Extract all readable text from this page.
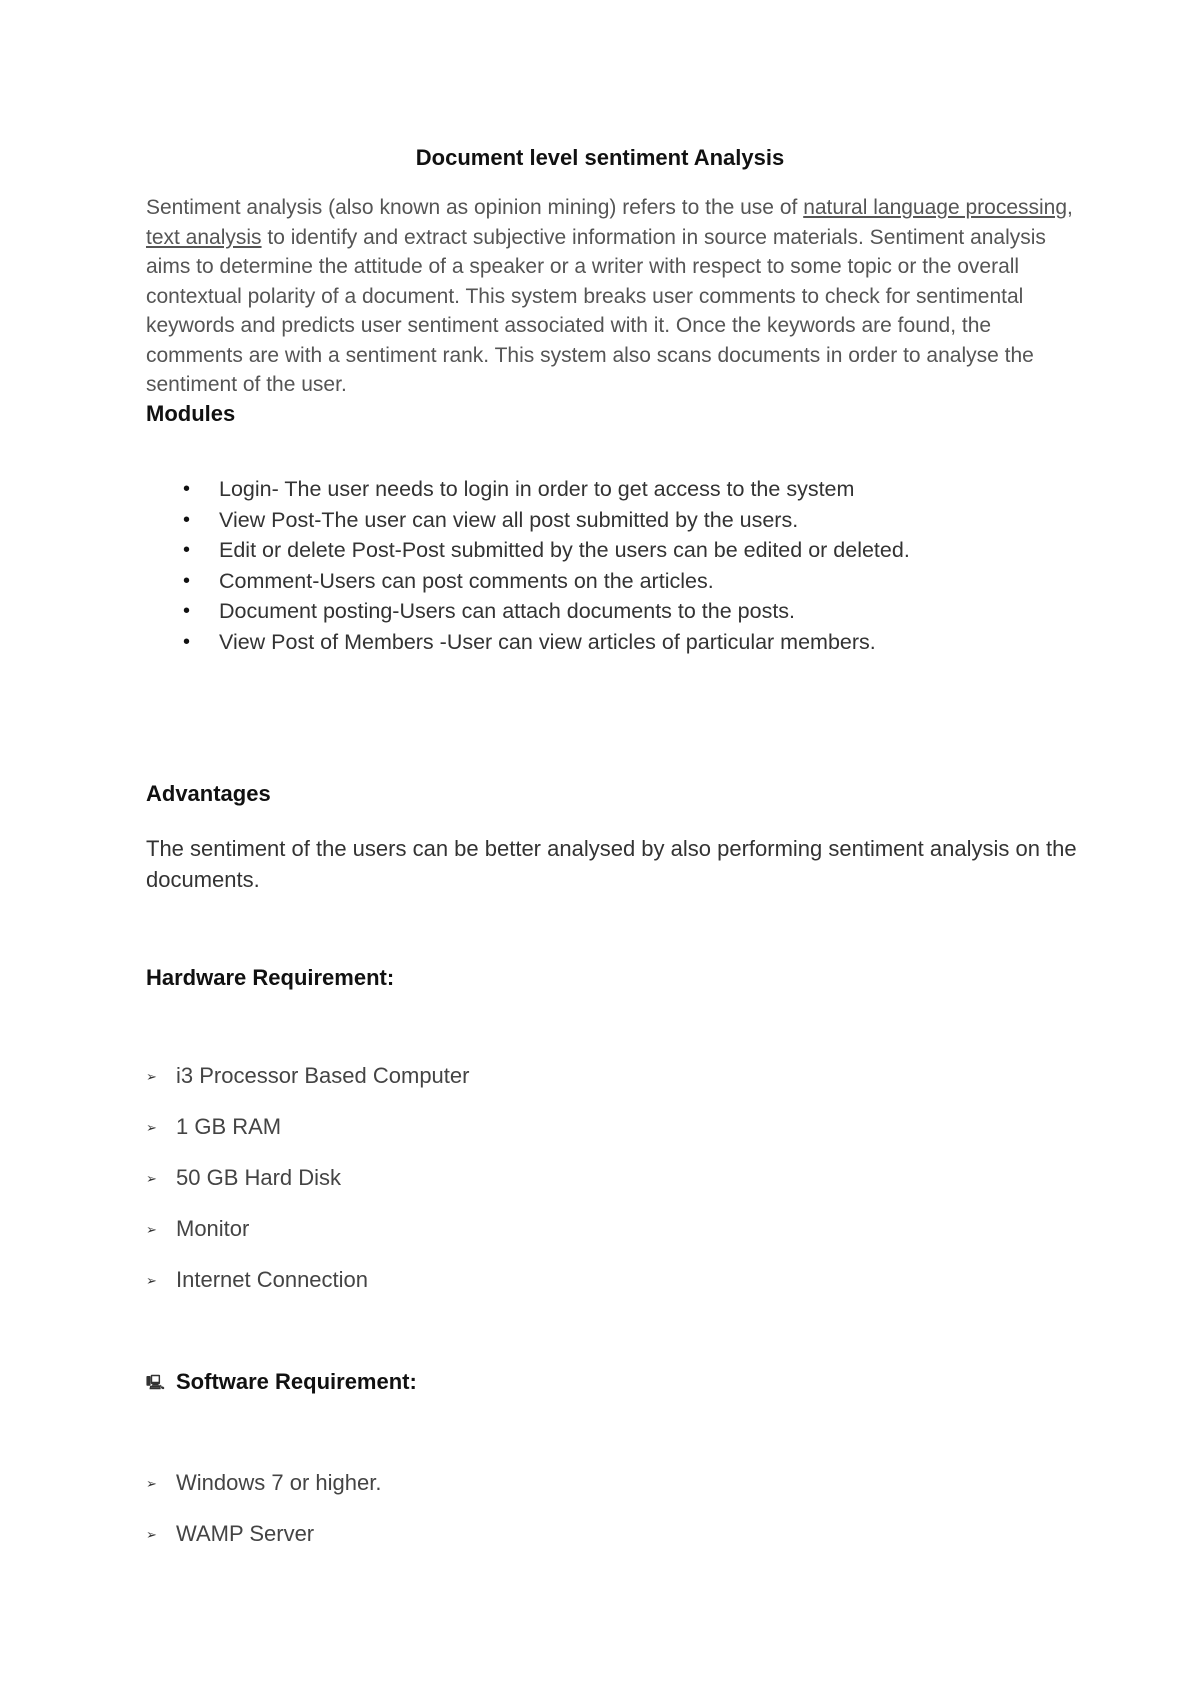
Document level sentiment Analysis

Sentiment analysis (also known as opinion mining) refers to the use of natural language processing, text analysis to identify and extract subjective information in source materials. Sentiment analysis aims to determine the attitude of a speaker or a writer with respect to some topic or the overall contextual polarity of a document. This system breaks user comments to check for sentimental keywords and predicts user sentiment associated with it. Once the keywords are found, the comments are with a sentiment rank. This system also scans documents in order to analyse the sentiment of the user.

Modules
• Login- The user needs to login in order to get access to the system
• View Post-The user can view all post submitted by the users.
• Edit or delete Post-Post submitted by the users can be edited or deleted.
• Comment-Users can post comments on the articles.
• Document posting-Users can attach documents to the posts.
• View Post of Members -User can view articles of particular members.
Advantages

The sentiment of the users can be better analysed by also performing sentiment analysis on the documents.

Hardware Requirement:

➢ i3 Processor Based Computer

➢ 1 GB RAM

➢ 50 GB Hard Disk

➢ Monitor

➢ Internet Connection

🖳 Software Requirement:

➢ Windows 7 or higher.

➢ WAMP Server
